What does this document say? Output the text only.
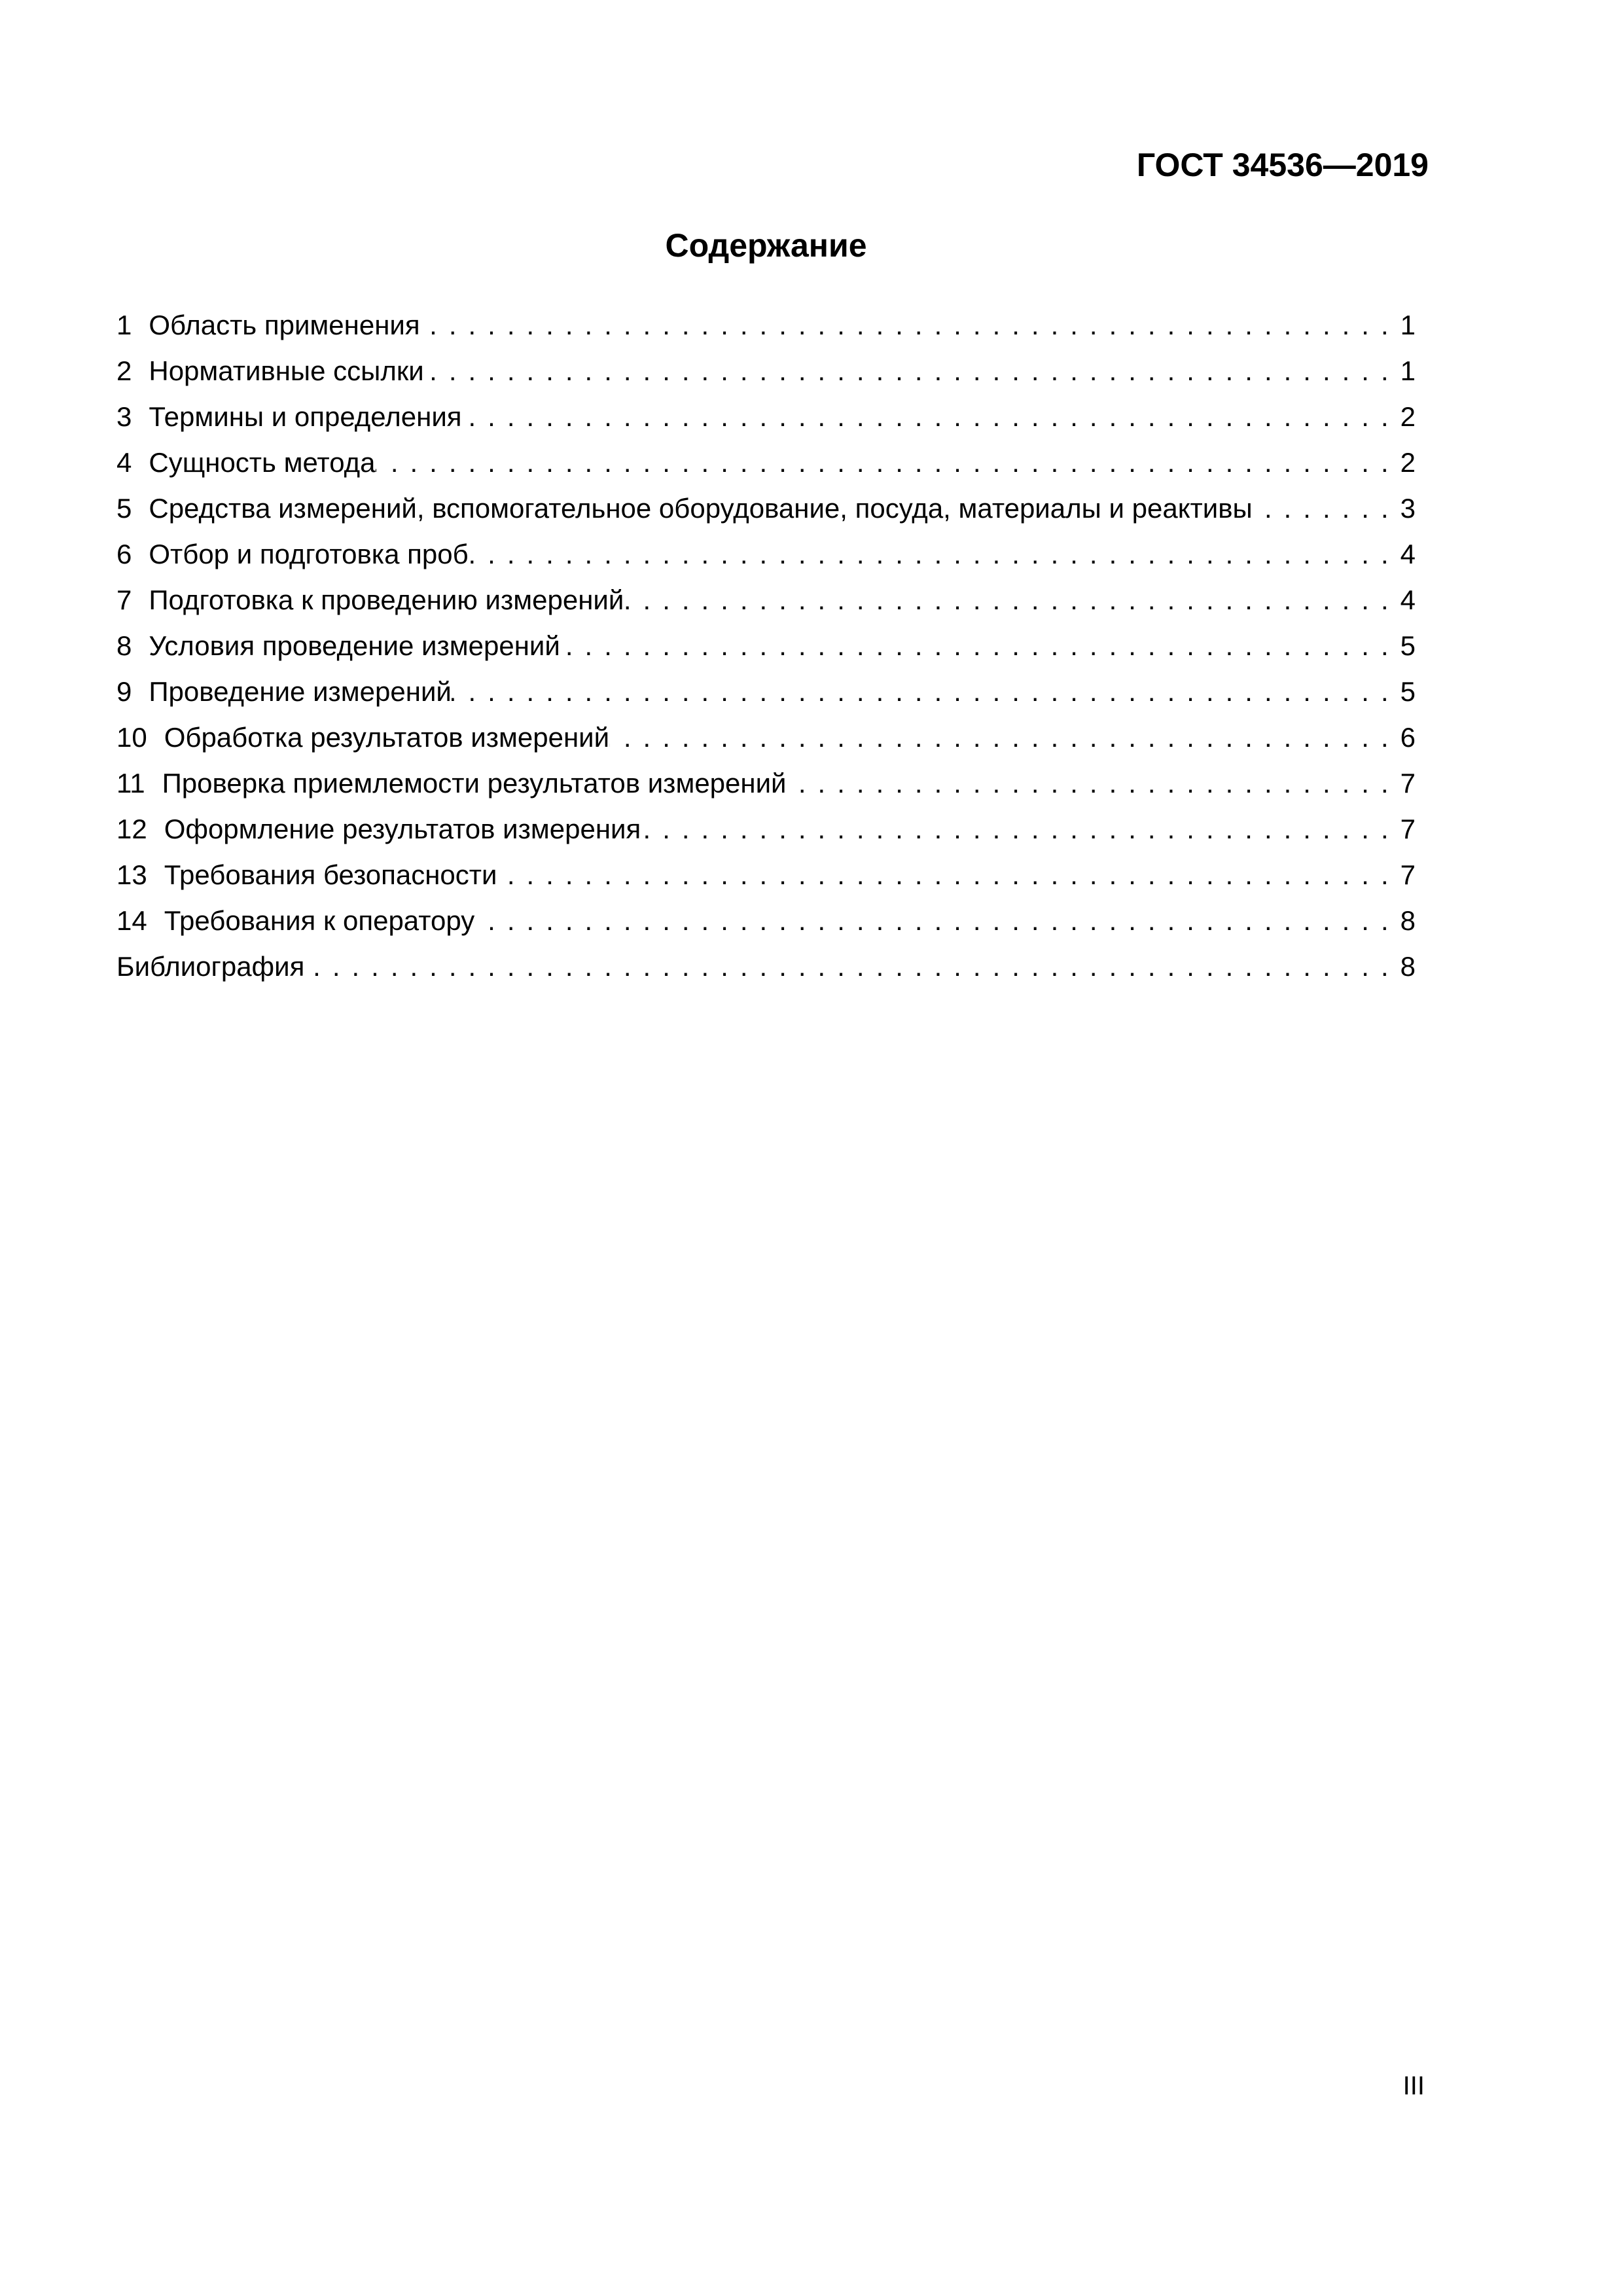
ГОСТ 34536—2019
Содержание
1 Область применения .....	1
2 Нормативные ссылки .....	1
3 Термины и определения .....	2
4 Сущность метода .....	2
5 Средства измерений, вспомогательное оборудование, посуда, материалы и реактивы .....	3
6 Отбор и подготовка проб .....	4
7 Подготовка к проведению измерений .....	4
8 Условия проведение измерений .....	5
9 Проведение измерений .....	5
10 Обработка результатов измерений .....	6
11 Проверка приемлемости результатов измерений .....	7
12 Оформление результатов измерения .....	7
13 Требования безопасности .....	7
14 Требования к оператору .....	8
Библиография .....	8
III
